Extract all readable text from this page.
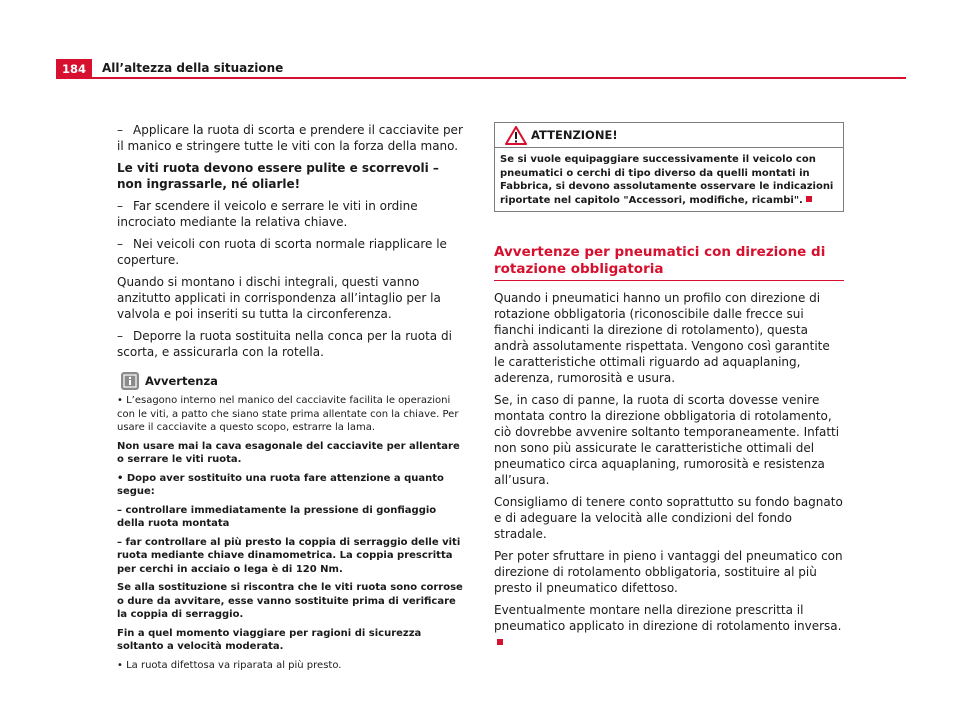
184	All’altezza della situazione

– Applicare la ruota di scorta e prendere il cacciavite per il manico e stringere tutte le viti con la forza della mano.

Le viti ruota devono essere pulite e scorrevoli – non ingrassarle, né oliarle!

– Far scendere il veicolo e serrare le viti in ordine incrociato mediante la relativa chiave.

– Nei veicoli con ruota di scorta normale riapplicare le coperture.

Quando si montano i dischi integrali, questi vanno anzitutto applicati in corrispondenza all’intaglio per la valvola e poi inseriti su tutta la circonferenza.

– Deporre la ruota sostituita nella conca per la ruota di scorta, e assicurarla con la rotella.

Avvertenza

• L’esagono interno nel manico del cacciavite facilita le operazioni con le viti, a patto che siano state prima allentate con la chiave. Per usare il cacciavite a questo scopo, estrarre la lama.

Non usare mai la cava esagonale del cacciavite per allentare o serrare le viti ruota.

• Dopo aver sostituito una ruota fare attenzione a quanto segue:

– controllare immediatamente la pressione di gonfiaggio della ruota montata

– far controllare al più presto la coppia di serraggio delle viti ruota mediante chiave dinamometrica. La coppia prescritta per cerchi in acciaio o lega è di 120 Nm.

Se alla sostituzione si riscontra che le viti ruota sono corrose o dure da avvitare, esse vanno sostituite prima di verificare la coppia di serraggio.

Fin a quel momento viaggiare per ragioni di sicurezza soltanto a velocità moderata.

• La ruota difettosa va riparata al più presto.

ATTENZIONE!
Se si vuole equipaggiare successivamente il veicolo con pneumatici o cerchi di tipo diverso da quelli montati in Fabbrica, si devono assolutamente osservare le indicazioni riportate nel capitolo "Accessori, modifiche, ricambi".
Avvertenze per pneumatici con direzione di rotazione obbligatoria

Quando i pneumatici hanno un profilo con direzione di rotazione obbligatoria (riconoscibile dalle frecce sui fianchi indicanti la direzione di rotolamento), questa andrà assolutamente rispettata. Vengono così garantite le caratteristiche ottimali riguardo ad aquaplaning, aderenza, rumorosità e usura.

Se, in caso di panne, la ruota di scorta dovesse venire montata contro la direzione obbligatoria di rotolamento, ciò dovrebbe avvenire soltanto temporaneamente. Infatti non sono più assicurate le caratteristiche ottimali del pneumatico circa aquaplaning, rumorosità e resistenza all’usura.

Consigliamo di tenere conto soprattutto su fondo bagnato e di adeguare la velocità alle condizioni del fondo stradale.

Per poter sfruttare in pieno i vantaggi del pneumatico con direzione di rotolamento obbligatoria, sostituire al più presto il pneumatico difettoso.

Eventualmente montare nella direzione prescritta il pneumatico applicato in direzione di rotolamento inversa.
